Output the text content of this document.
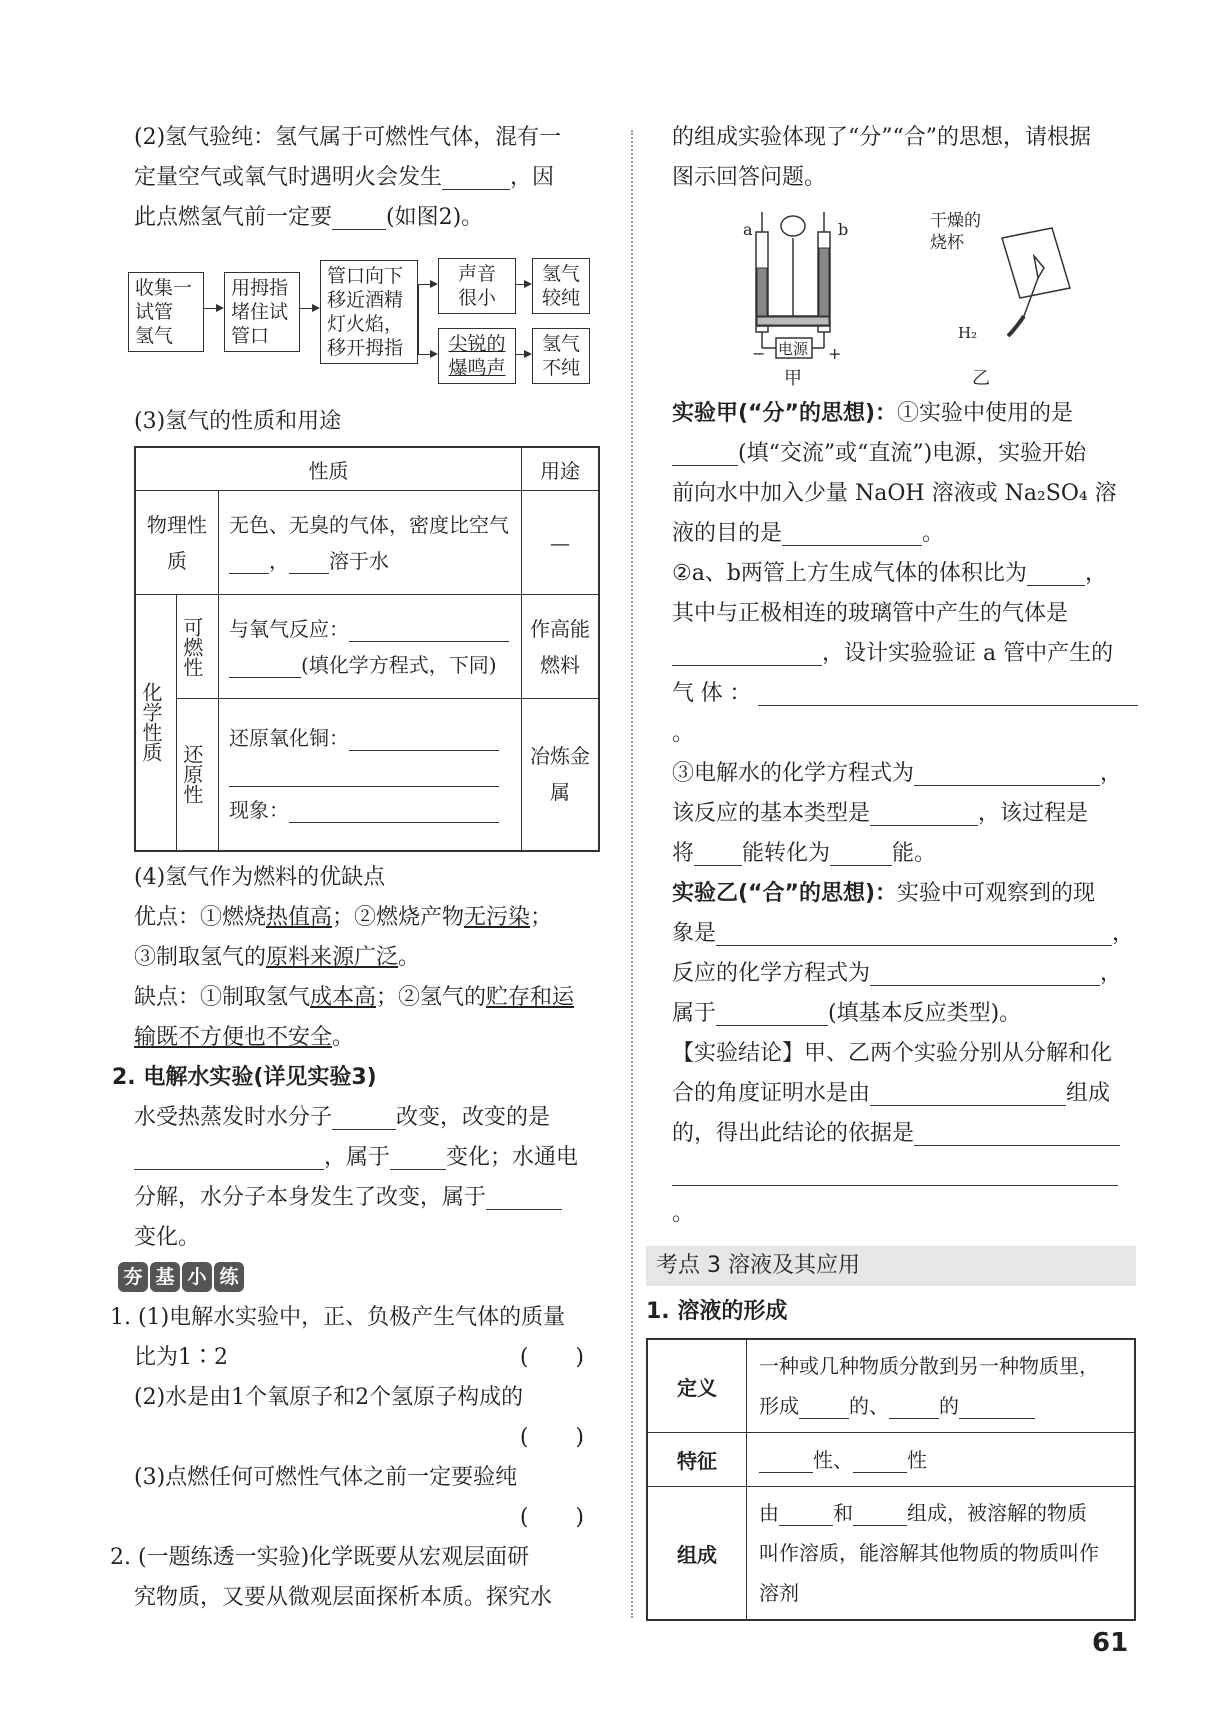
(2)氢气验纯：氢气属于可燃性气体，混有一

定量空气或氧气时遇明火会发生	，因

此点燃氢气前一定要 (如图2)。

收集一
试管
氢气
用拇指
堵住试
管口
管口向下
移近酒精
灯火焰，
移开拇指
声音
很小
尖锐的
爆鸣声
氢气
较纯
氢气
不纯

(3)氢气的性质和用途

性质			用途
物理性质		无色、无臭的气体，密度比空气
， 溶于水	—

化学性质	可燃性	与氧气反应：
(填化学方程式，下同)	作高能燃料

	还原性	还原氧化铜：

现象：	冶炼金属

(4)氢气作为燃料的优缺点

优点：①燃烧热值高；②燃烧产物无污染；

③制取氢气的原料来源广泛。

缺点：①制取氢气成本高；②氢气的贮存和运

输既不方便也不安全。

2. 电解水实验(详见实验3)

水受热蒸发时水分子	改变，改变的是

，属于	变化；水通电

分解，水分子本身发生了改变，属于

变化。

夯 基 小 练

1. (1)电解水实验中，正、负极产生气体的质量

比为1∶2	( )

(2)水是由1个氧原子和2个氢原子构成的

( )

(3)点燃任何可燃性气体之前一定要验纯

( )

2. (一题练透一实验)化学既要从宏观层面研

究物质，又要从微观层面探析本质。探究水

的组成实验体现了“分”“合”的思想，请根据

图示回答问题。

a	b
电源
−	+
甲
干燥的
烧杯
H₂
乙

实验甲(“分”的思想)：①实验中使用的是

(填“交流”或“直流”)电源，实验开始

前向水中加入少量 NaOH 溶液或 Na₂SO₄ 溶

液的目的是	。

②a、b两管上方生成气体的体积比为	，

其中与正极相连的玻璃管中产生的气体是

，设计实验验证 a 管中产生的

气体：。

③电解水的化学方程式为	，

该反应的基本类型是	，该过程是

将 能转化为	能。

实验乙(“合”的思想)：实验中可观察到的现

象是	，

反应的化学方程式为	，

属于	(填基本反应类型)。

【实验结论】甲、乙两个实验分别从分解和化

合的角度证明水是由	组成

的，得出此结论的依据是

。

考点 3 溶液及其应用

1. 溶液的形成

定义	一种或几种物质分散到另一种物质里，
形成 的、 的
特征	性、 性
组成	由 和 组成，被溶解的物质
叫作溶质，能溶解其他物质的物质叫作
溶剂
61
